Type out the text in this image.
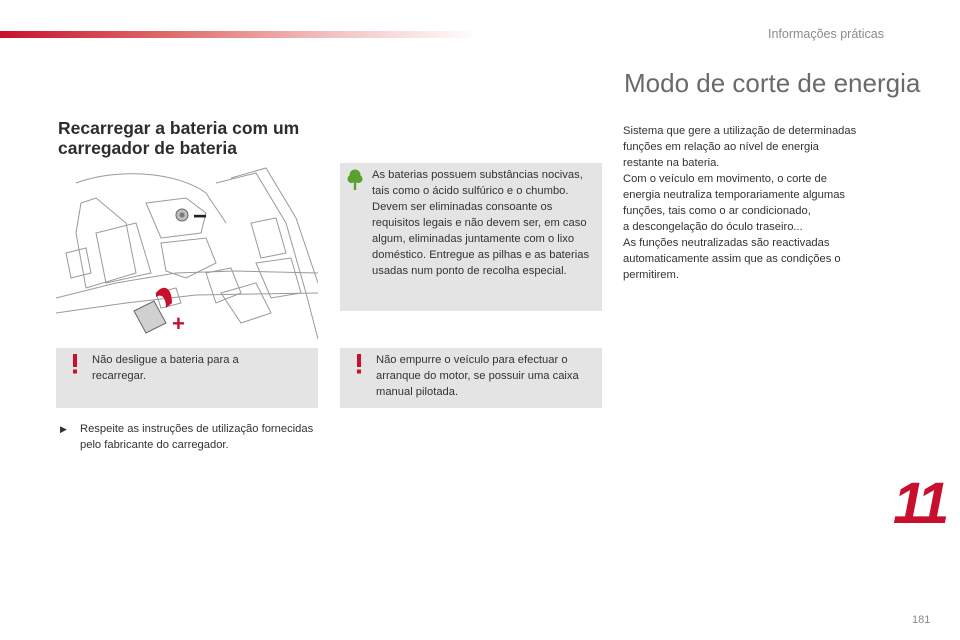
Informações práticas
Recarregar a bateria com um carregador de bateria
−
+
Não desligue a bateria para a recarregar.
▶ Respeite as instruções de utilização fornecidas pelo fabricante do carregador.
As baterias possuem substâncias nocivas, tais como o ácido sulfúrico e o chumbo. Devem ser eliminadas consoante os requisitos legais e não devem ser, em caso algum, eliminadas juntamente com o lixo doméstico. Entregue as pilhas e as baterias usadas num ponto de recolha especial.
Não empurre o veículo para efectuar o arranque do motor, se possuir uma caixa manual pilotada.
Modo de corte de energia
Sistema que gere a utilização de determinadas
funções em relação ao nível de energia
restante na bateria.
Com o veículo em movimento, o corte de
energia neutraliza temporariamente algumas
funções, tais como o ar condicionado,
a descongelação do óculo traseiro...
As funções neutralizadas são reactivadas
automaticamente assim que as condições o
permitirem.
11
181
